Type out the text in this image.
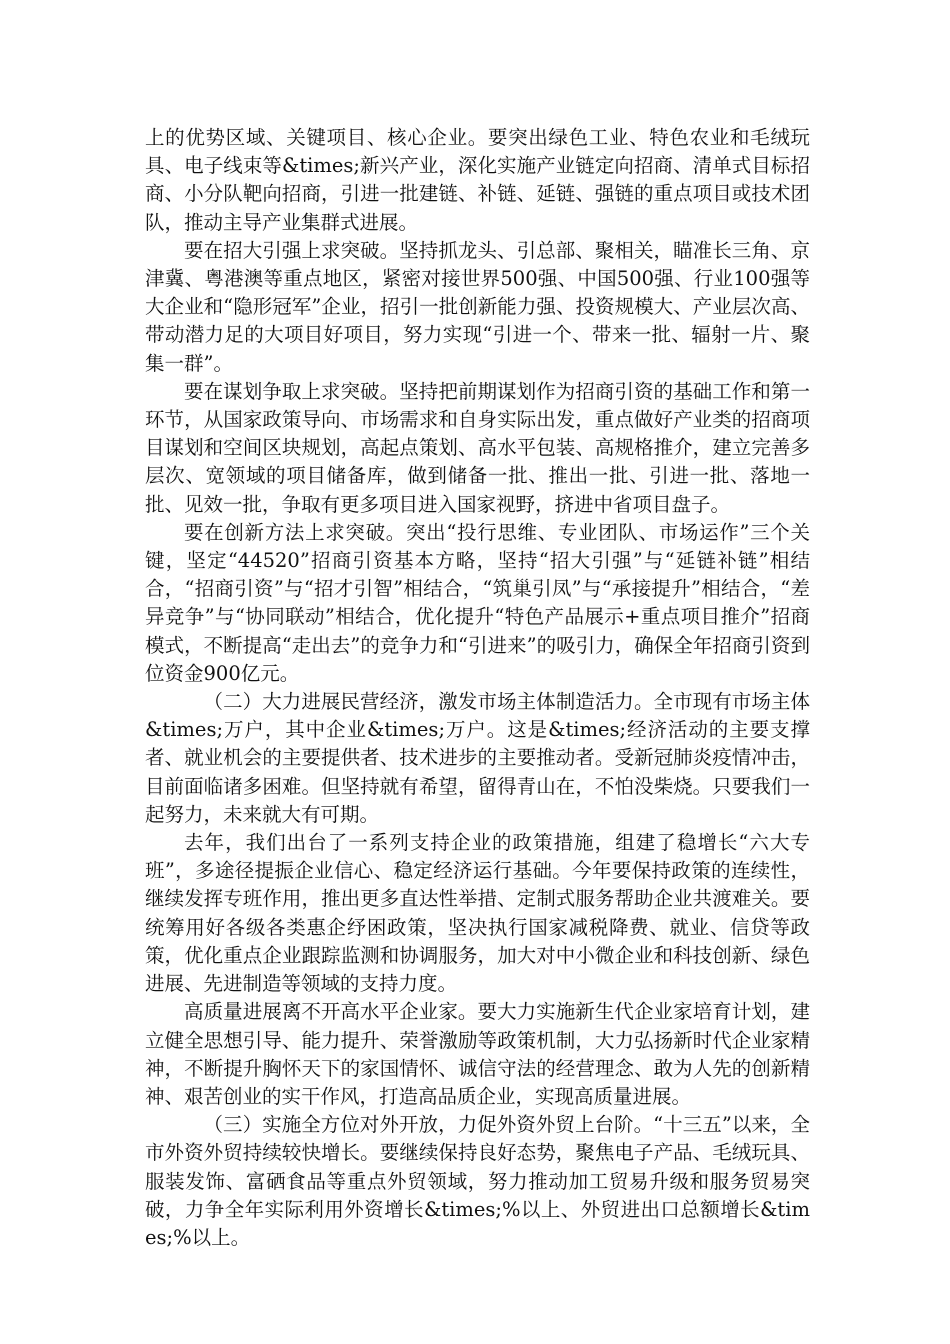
上的优势区域、关键项目、核心企业。要突出绿色工业、特色农业和毛绒玩具、电子线束等&times;新兴产业，深化实施产业链定向招商、清单式目标招商、小分队靶向招商，引进一批建链、补链、延链、强链的重点项目或技术团队，推动主导产业集群式进展。

要在招大引强上求突破。坚持抓龙头、引总部、聚相关，瞄准长三角、京津冀、粤港澳等重点地区，紧密对接世界500强、中国500强、行业100强等大企业和“隐形冠军”企业，招引一批创新能力强、投资规模大、产业层次高、带动潜力足的大项目好项目，努力实现“引进一个、带来一批、辐射一片、聚集一群”。

要在谋划争取上求突破。坚持把前期谋划作为招商引资的基础工作和第一环节，从国家政策导向、市场需求和自身实际出发，重点做好产业类的招商项目谋划和空间区块规划，高起点策划、高水平包装、高规格推介，建立完善多层次、宽领域的项目储备库，做到储备一批、推出一批、引进一批、落地一批、见效一批，争取有更多项目进入国家视野，挤进中省项目盘子。

要在创新方法上求突破。突出“投行思维、专业团队、市场运作”三个关键，坚定“44520”招商引资基本方略，坚持“招大引强”与“延链补链”相结合，“招商引资”与“招才引智”相结合，“筑巢引凤”与“承接提升”相结合，“差异竞争”与“协同联动”相结合，优化提升“特色产品展示+重点项目推介”招商模式，不断提高“走出去”的竞争力和“引进来”的吸引力，确保全年招商引资到位资金900亿元。

（二）大力进展民营经济，激发市场主体制造活力。全市现有市场主体&times;万户，其中企业&times;万户。这是&times;经济活动的主要支撑者、就业机会的主要提供者、技术进步的主要推动者。受新冠肺炎疫情冲击，目前面临诸多困难。但坚持就有希望，留得青山在，不怕没柴烧。只要我们一起努力，未来就大有可期。

去年，我们出台了一系列支持企业的政策措施，组建了稳增长“六大专班”，多途径提振企业信心、稳定经济运行基础。今年要保持政策的连续性，继续发挥专班作用，推出更多直达性举措、定制式服务帮助企业共渡难关。要统筹用好各级各类惠企纾困政策，坚决执行国家减税降费、就业、信贷等政策，优化重点企业跟踪监测和协调服务，加大对中小微企业和科技创新、绿色进展、先进制造等领域的支持力度。

高质量进展离不开高水平企业家。要大力实施新生代企业家培育计划，建立健全思想引导、能力提升、荣誉激励等政策机制，大力弘扬新时代企业家精神，不断提升胸怀天下的家国情怀、诚信守法的经营理念、敢为人先的创新精神、艰苦创业的实干作风，打造高品质企业，实现高质量进展。

（三）实施全方位对外开放，力促外资外贸上台阶。“十三五”以来，全市外资外贸持续较快增长。要继续保持良好态势，聚焦电子产品、毛绒玩具、服装发饰、富硒食品等重点外贸领域，努力推动加工贸易升级和服务贸易突破，力争全年实际利用外资增长&times;%以上、外贸进出口总额增长&times;%以上。
